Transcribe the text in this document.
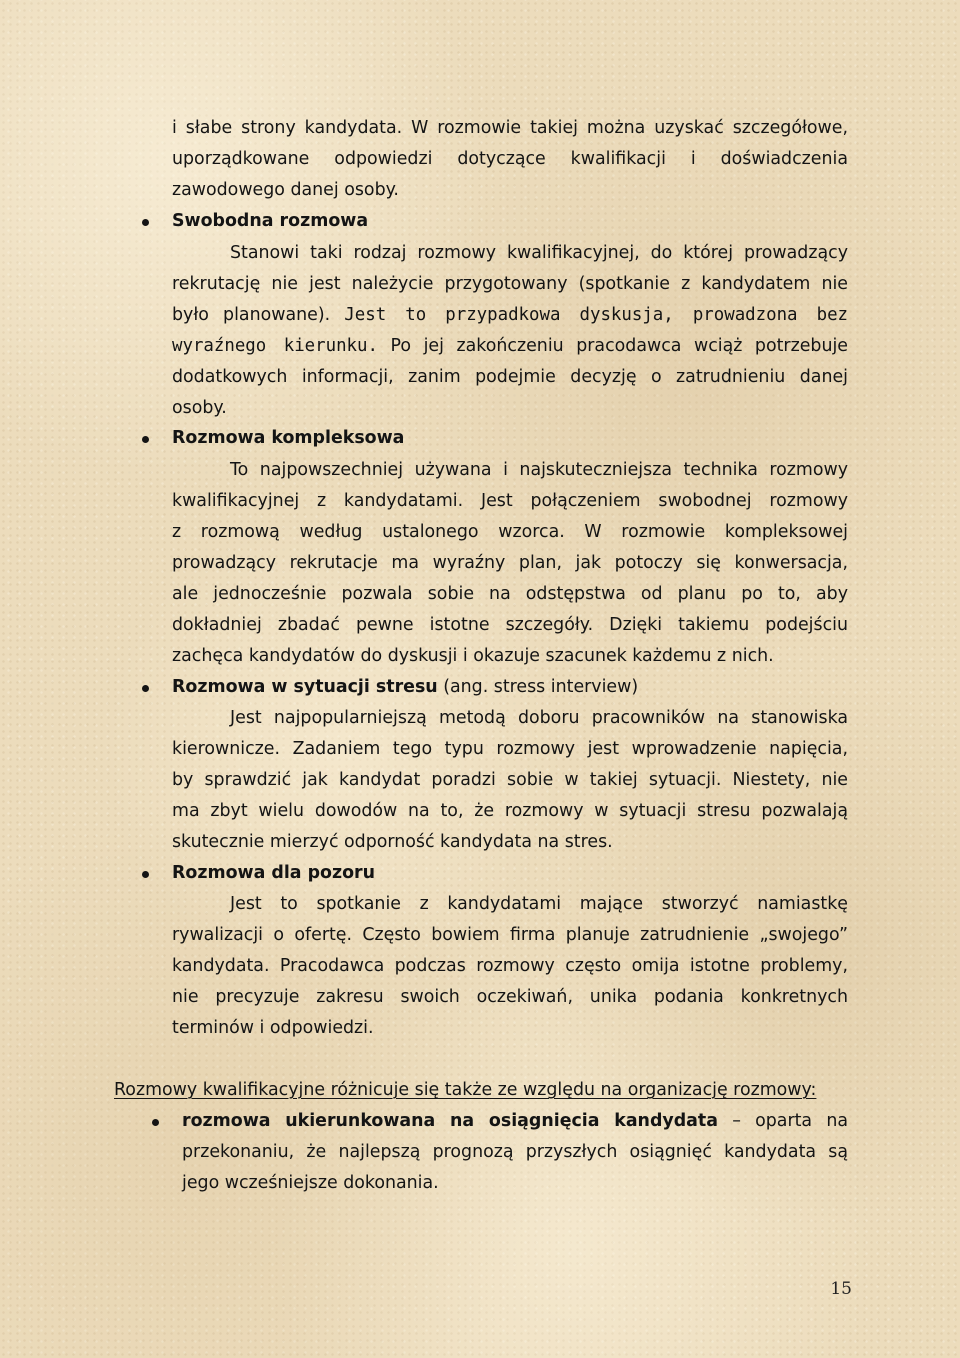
i słabe strony kandydata. W rozmowie takiej można uzyskać szczegółowe,

uporządkowane odpowiedzi dotyczące kwalifikacji i doświadczenia

zawodowego danej osoby.

Swobodna rozmowa

Stanowi taki rodzaj rozmowy kwalifikacyjnej, do której prowadzący

rekrutację nie jest należycie przygotowany (spotkanie z kandydatem nie

było planowane). Jest to przypadkowa dyskusja, prowadzona bez

wyraźnego kierunku. Po jej zakończeniu pracodawca wciąż potrzebuje

dodatkowych informacji, zanim podejmie decyzję o zatrudnieniu danej

osoby.

Rozmowa kompleksowa

To najpowszechniej używana i najskuteczniejsza technika rozmowy

kwalifikacyjnej z kandydatami. Jest połączeniem swobodnej rozmowy

z rozmową według ustalonego wzorca. W rozmowie kompleksowej

prowadzący rekrutacje ma wyraźny plan, jak potoczy się konwersacja,

ale jednocześnie pozwala sobie na odstępstwa od planu po to, aby

dokładniej zbadać pewne istotne szczegóły. Dzięki takiemu podejściu

zachęca kandydatów do dyskusji i okazuje szacunek każdemu z nich.

Rozmowa w sytuacji stresu (ang. stress interview)

Jest najpopularniejszą metodą doboru pracowników na stanowiska

kierownicze. Zadaniem tego typu rozmowy jest wprowadzenie napięcia,

by sprawdzić jak kandydat poradzi sobie w takiej sytuacji. Niestety, nie

ma zbyt wielu dowodów na to, że rozmowy w sytuacji stresu pozwalają

skutecznie mierzyć odporność kandydata na stres.

Rozmowa dla pozoru

Jest to spotkanie z kandydatami mające stworzyć namiastkę

rywalizacji o ofertę. Często bowiem firma planuje zatrudnienie „swojego”

kandydata. Pracodawca podczas rozmowy często omija istotne problemy,

nie precyzuje zakresu swoich oczekiwań, unika podania konkretnych

terminów i odpowiedzi.

Rozmowy kwalifikacyjne różnicuje się także ze względu na organizację rozmowy:

rozmowa ukierunkowana na osiągnięcia kandydata – oparta na

przekonaniu, że najlepszą prognozą przyszłych osiągnięć kandydata są

jego wcześniejsze dokonania.

15
